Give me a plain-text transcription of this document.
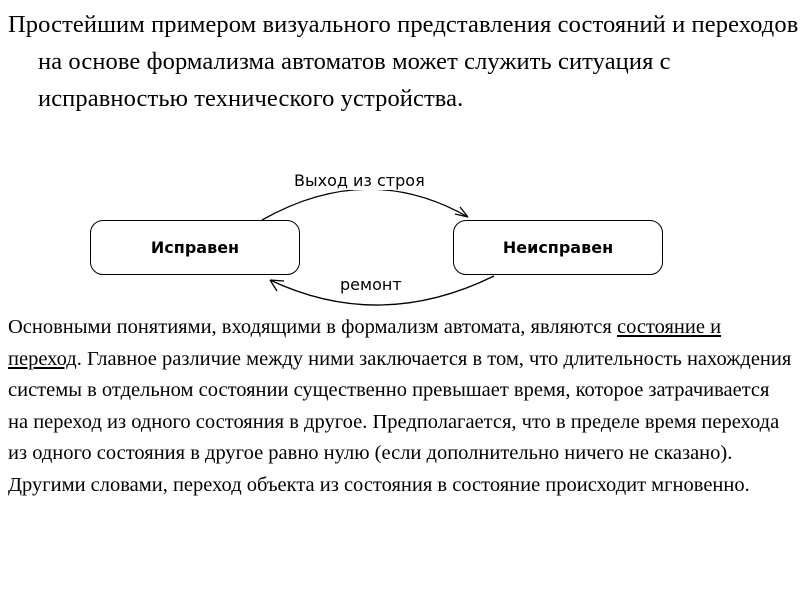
Простейшим примером визуального представления состояний и переходов на основе формализма автоматов может служить ситуация с исправностью технического устройства.

Исправен	Неисправен
Выход из строя
ремонт

Основными понятиями, входящими в формализм автомата, являются состояние и переход. Главное различие между ними заключается в том, что длительность нахождения системы в отдельном состоянии существенно превышает время, которое затрачивается на переход из одного состояния в другое. Предполагается, что в пределе время перехода из одного состояния в другое равно нулю (если дополнительно ничего не сказано). Другими словами, переход объекта из состояния в состояние происходит мгновенно.
